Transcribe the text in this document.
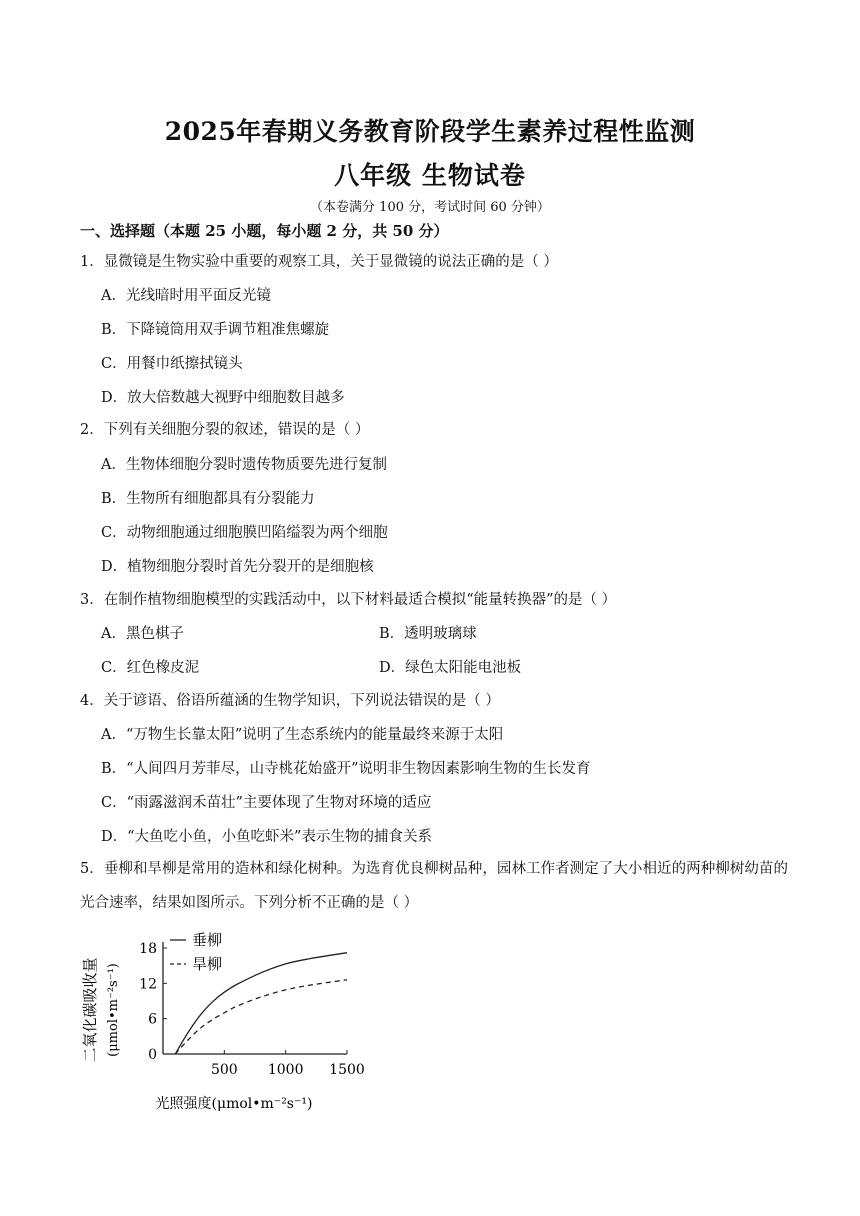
2025年春期义务教育阶段学生素养过程性监测
八年级 生物试卷
（本卷满分 100 分，考试时间 60 分钟）
一、选择题（本题 25 小题，每小题 2 分，共 50 分）
1．显微镜是生物实验中重要的观察工具，关于显微镜的说法正确的是（ ）
A．光线暗时用平面反光镜
B．下降镜筒用双手调节粗准焦螺旋
C．用餐巾纸擦拭镜头
D．放大倍数越大视野中细胞数目越多
2．下列有关细胞分裂的叙述，错误的是（ ）
A．生物体细胞分裂时遗传物质要先进行复制
B．生物所有细胞都具有分裂能力
C．动物细胞通过细胞膜凹陷缢裂为两个细胞
D．植物细胞分裂时首先分裂开的是细胞核
3．在制作植物细胞模型的实践活动中，以下材料最适合模拟“能量转换器”的是（ ）
A．黑色棋子	B．透明玻璃球
C．红色橡皮泥	D．绿色太阳能电池板
4．关于谚语、俗语所蕴涵的生物学知识，下列说法错误的是（ ）
A．“万物生长靠太阳”说明了生态系统内的能量最终来源于太阳
B．“人间四月芳菲尽，山寺桃花始盛开”说明非生物因素影响生物的生长发育
C．“雨露滋润禾苗壮”主要体现了生物对环境的适应
D．“大鱼吃小鱼，小鱼吃虾米”表示生物的捕食关系
5．垂柳和旱柳是常用的造林和绿化树种。为选育优良柳树品种，园林工作者测定了大小相近的两种柳树幼苗的光合速率，结果如图所示。下列分析不正确的是（ ）
0
6
12
18
500 1000 1500
垂柳
旱柳
二氧化碳吸收量 (μmol•m⁻²s⁻¹)
光照强度(μmol•m⁻²s⁻¹)
